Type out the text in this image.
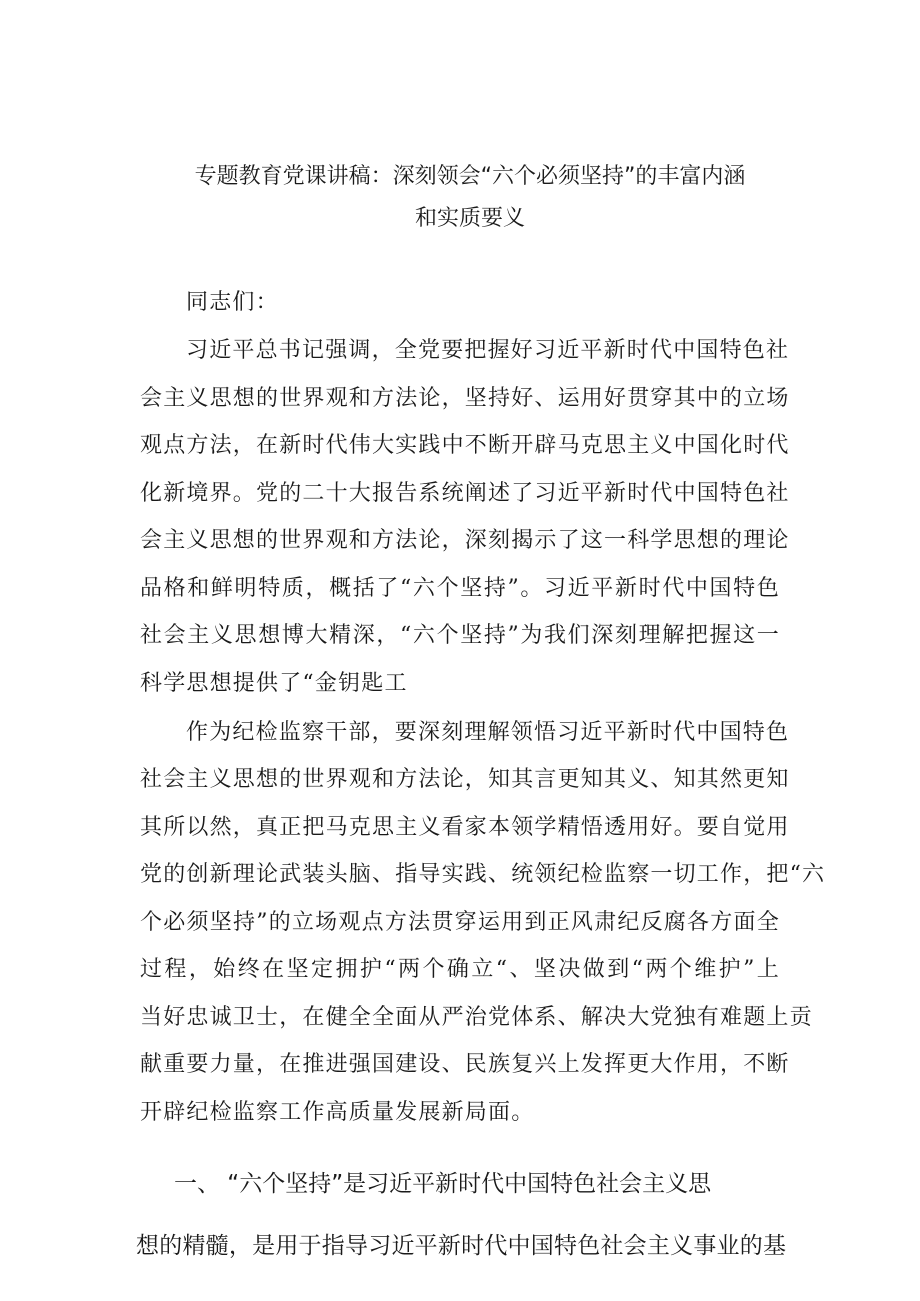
专题教育党课讲稿：深刻领会“六个必须坚持”的丰富内涵
和实质要义
同志们：
习近平总书记强调，全党要把握好习近平新时代中国特色社
会主义思想的世界观和方法论，坚持好、运用好贯穿其中的立场
观点方法，在新时代伟大实践中不断开辟马克思主义中国化时代
化新境界。党的二十大报告系统阐述了习近平新时代中国特色社
会主义思想的世界观和方法论，深刻揭示了这一科学思想的理论
品格和鲜明特质，概括了“六个坚持”。习近平新时代中国特色
社会主义思想博大精深，“六个坚持”为我们深刻理解把握这一
科学思想提供了“金钥匙工
作为纪检监察干部，要深刻理解领悟习近平新时代中国特色
社会主义思想的世界观和方法论，知其言更知其义、知其然更知
其所以然，真正把马克思主义看家本领学精悟透用好。要自觉用
党的创新理论武装头脑、指导实践、统领纪检监察一切工作，把“六
个必须坚持”的立场观点方法贯穿运用到正风肃纪反腐各方面全
过程，始终在坚定拥护“两个确立“、坚决做到“两个维护”上
当好忠诚卫士，在健全全面从严治党体系、解决大党独有难题上贡
献重要力量，在推进强国建设、民族复兴上发挥更大作用，不断
开辟纪检监察工作高质量发展新局面。
一、 “六个坚持”是习近平新时代中国特色社会主义思
想的精髓，是用于指导习近平新时代中国特色社会主义事业的基
